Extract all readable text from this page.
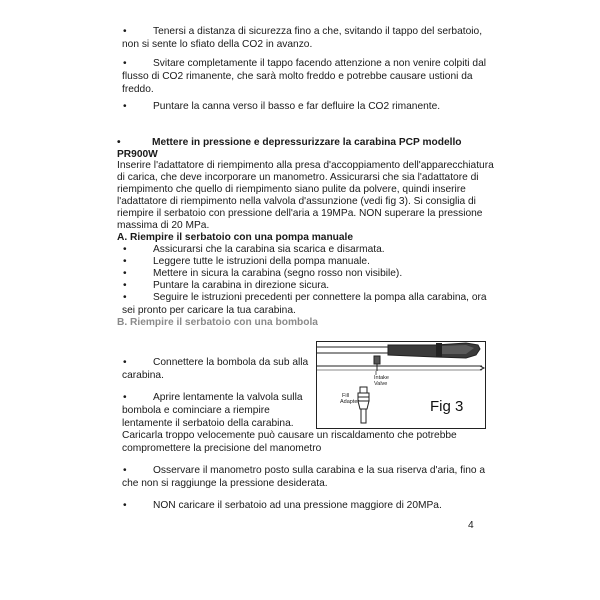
•	Tenersi a distanza di sicurezza fino a che, svitando il tappo del serbatoio,
non si sente lo sfiato della CO2 in avanzo.
•	Svitare completamente il tappo facendo attenzione a non venire colpiti dal
flusso di CO2 rimanente, che sarà molto freddo e potrebbe causare ustioni da
freddo.
•	Puntare la canna verso il basso e far defluire la CO2 rimanente.
•	Mettere in pressione e depressurizzare la carabina PCP modello
PR900W
Inserire l'adattatore di riempimento alla presa d'accoppiamento dell'apparecchiatura
di carica, che deve incorporare un manometro. Assicurarsi che sia l'adattatore di
riempimento che quello di riempimento siano pulite da polvere, quindi inserire
l'adattatore di riempimento nella valvola d'assunzione (vedi fig 3). Si consiglia di
riempire il serbatoio con pressione dell'aria a 19MPa. NON superare la pressione
massima di 20 MPa.
A. Riempire il serbatoio con una pompa manuale
•	Assicurarsi che la carabina sia scarica e disarmata.
•	Leggere tutte le istruzioni della pompa manuale.
•	Mettere in sicura la carabina (segno rosso non visibile).
•	Puntare la carabina in direzione sicura.
•	Seguire le istruzioni precedenti per connettere la pompa alla carabina, ora
sei pronto per caricare la tua carabina.
B. Riempire il serbatoio con una bombola
•	Connettere la bombola da sub alla
carabina.
•	Aprire lentamente la valvola sulla
bombola e cominciare a riempire
lentamente il serbatoio della carabina.
Caricarla troppo velocemente può causare un riscaldamento che potrebbe
compromettere la precisione del manometro
•	Osservare il manometro posto sulla carabina e la sua riserva d'aria, fino a
che non si raggiunge la pressione desiderata.
•	NON caricare il serbatoio ad una pressione maggiore di 20MPa.
Intake
Valve
Fill
Adapter	Fig 3
4
